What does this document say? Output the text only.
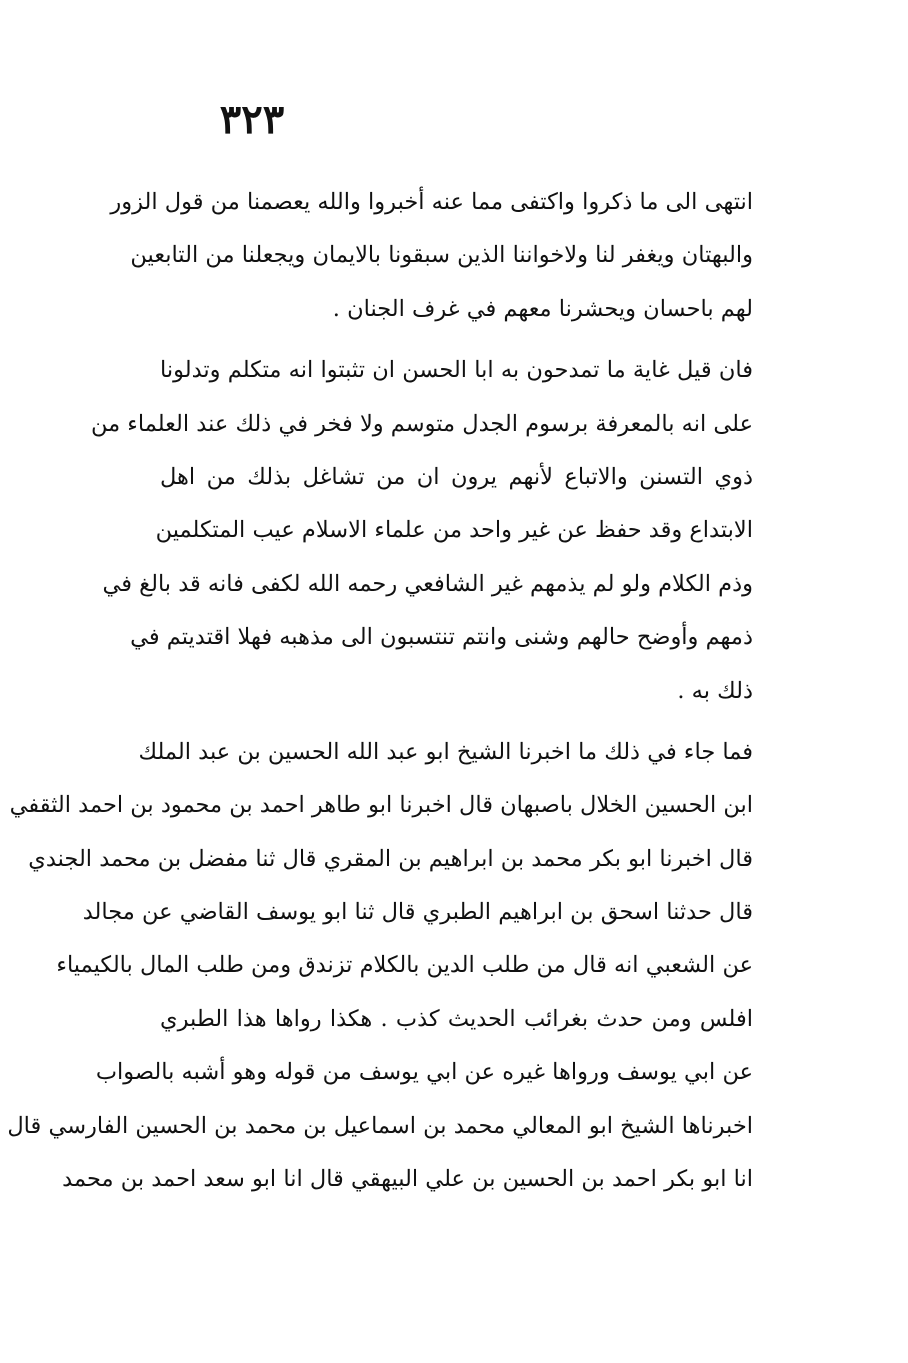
٣٢٣
انتهى الى ما ذكروا واكتفى مما عنه أخبروا والله يعصمنا من قول الزور
والبهتان ويغفر لنا ولاخواننا الذين سبقونا بالايمان ويجعلنا من التابعين
لهم باحسان ويحشرنا معهم في غرف الجنان .
فان قيل غاية ما تمدحون به ابا الحسن ان تثبتوا انه متكلم وتدلونا
على انه بالمعرفة برسوم الجدل متوسم ولا فخر في ذلك عند العلماء من
ذوي التسنن والاتباع لأنهم يرون ان من تشاغل بذلك من اهل
الابتداع وقد حفظ عن غير واحد من علماء الاسلام عيب المتكلمين
وذم الكلام ولو لم يذمهم غير الشافعي رحمه الله لكفى فانه قد بالغ في
ذمهم وأوضح حالهم وشنى وانتم تنتسبون الى مذهبه فهلا اقتديتم في
ذلك به .
فما جاء في ذلك ما اخبرنا الشيخ ابو عبد الله الحسين بن عبد الملك
ابن الحسين الخلال باصبهان قال اخبرنا ابو طاهر احمد بن محمود بن احمد الثقفي
قال اخبرنا ابو بكر محمد بن ابراهيم بن المقري قال ثنا مفضل بن محمد الجندي
قال حدثنا اسحق بن ابراهيم الطبري قال ثنا ابو يوسف القاضي عن مجالد
عن الشعبي انه قال من طلب الدين بالكلام تزندق ومن طلب المال بالكيمياء
افلس ومن حدث بغرائب الحديث كذب . هكذا رواها هذا الطبري
عن ابي يوسف ورواها غيره عن ابي يوسف من قوله وهو أشبه بالصواب
اخبرناها الشيخ ابو المعالي محمد بن اسماعيل بن محمد بن الحسين الفارسي قال
انا ابو بكر احمد بن الحسين بن علي البيهقي قال انا ابو سعد احمد بن محمد
